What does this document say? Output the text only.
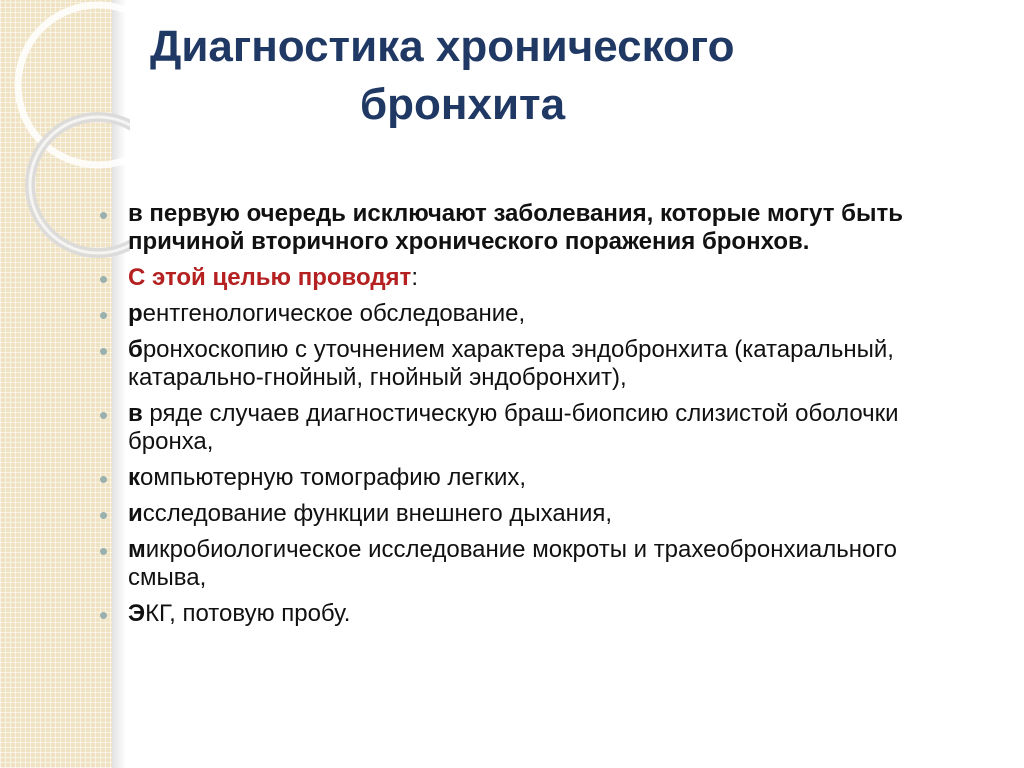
Диагностика хронического
бронхита
в первую очередь исключают заболевания, которые могут быть причиной вторичного хронического поражения бронхов.
С этой целью проводят:
рентгенологическое обследование,
бронхоскопию с уточнением характера эндобронхита (катаральный, катарально-гнойный, гнойный эндобронхит),
в ряде случаев диагностическую браш-биопсию слизистой оболочки бронха,
компьютерную томографию легких,
исследование функции внешнего дыхания,
микробиологическое исследование мокроты и трахеобронхиального смыва,
ЭКГ, потовую пробу.
